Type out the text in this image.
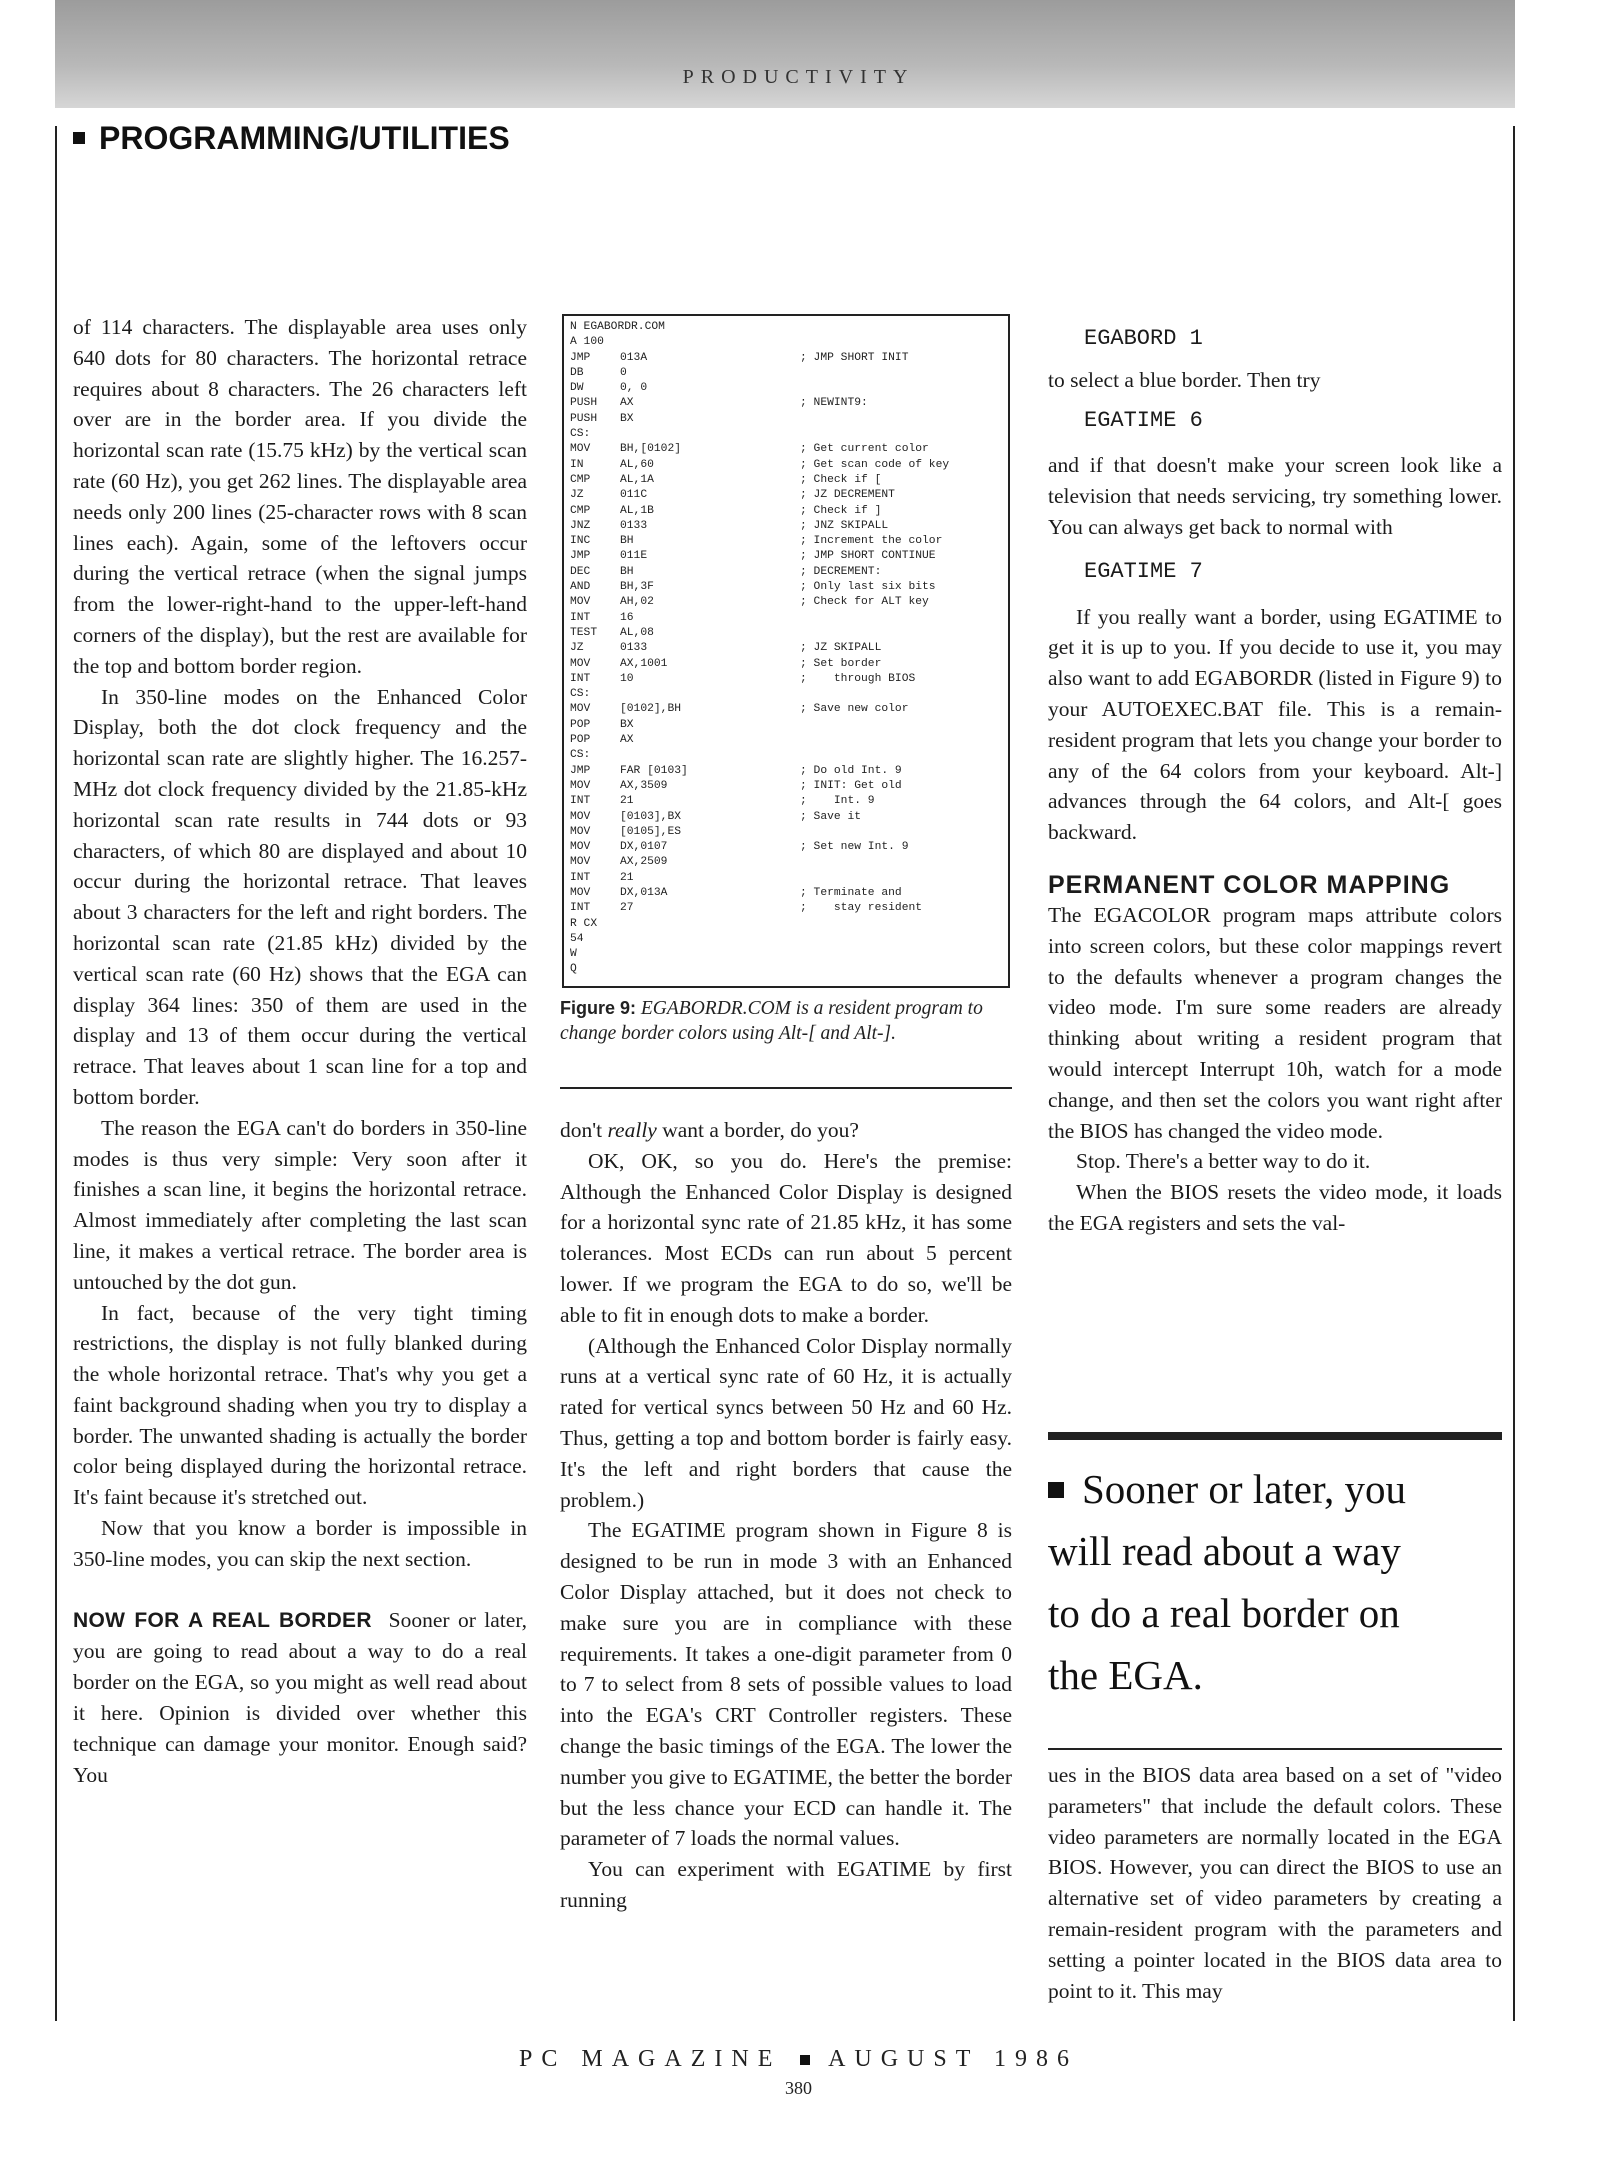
PRODUCTIVITY
PROGRAMMING/UTILITIES

of 114 characters. The displayable area uses only 640 dots for 80 characters. The horizontal retrace requires about 8 characters. The 26 characters left over are in the border area. If you divide the horizontal scan rate (15.75 kHz) by the vertical scan rate (60 Hz), you get 262 lines. The displayable area needs only 200 lines (25-character rows with 8 scan lines each). Again, some of the leftovers occur during the vertical retrace (when the signal jumps from the lower-right-hand to the upper-left-hand corners of the display), but the rest are available for the top and bottom border region.

In 350-line modes on the Enhanced Color Display, both the dot clock frequency and the horizontal scan rate are slightly higher. The 16.257-MHz dot clock frequency divided by the 21.85-kHz horizontal scan rate results in 744 dots or 93 characters, of which 80 are displayed and about 10 occur during the horizontal retrace. That leaves about 3 characters for the left and right borders. The horizontal scan rate (21.85 kHz) divided by the vertical scan rate (60 Hz) shows that the EGA can display 364 lines: 350 of them are used in the display and 13 of them occur during the vertical retrace. That leaves about 1 scan line for a top and bottom border.

The reason the EGA can't do borders in 350-line modes is thus very simple: Very soon after it finishes a scan line, it begins the horizontal retrace. Almost immediately after completing the last scan line, it makes a vertical retrace. The border area is untouched by the dot gun.

In fact, because of the very tight timing restrictions, the display is not fully blanked during the whole horizontal retrace. That's why you get a faint background shading when you try to display a border. The unwanted shading is actually the border color being displayed during the horizontal retrace. It's faint because it's stretched out.

Now that you know a border is impossible in 350-line modes, you can skip the next section.

NOW FOR A REAL BORDER Sooner or later, you are going to read about a way to do a real border on the EGA, so you might as well read about it here. Opinion is divided over whether this technique can damage your monitor. Enough said? You

N EGABORDR.COM
A 100
JMP	013A	; JMP SHORT INIT
DB	0
DW	0, 0
PUSH	AX	; NEWINT9:
PUSH	BX
CS:
MOV	BH,[0102]	; Get current color
IN	AL,60	; Get scan code of key
CMP	AL,1A	; Check if [
JZ	011C	; JZ DECREMENT
CMP	AL,1B	; Check if ]
JNZ	0133	; JNZ SKIPALL
INC	BH	; Increment the color
JMP	011E	; JMP SHORT CONTINUE
DEC	BH	; DECREMENT:
AND	BH,3F	; Only last six bits
MOV	AH,02	; Check for ALT key
INT	16
TEST	AL,08
JZ	0133	; JZ SKIPALL
MOV	AX,1001	; Set border
INT	10	;    through BIOS
CS:
MOV	[0102],BH	; Save new color
POP	BX
POP	AX
CS:
JMP	FAR [0103]	; Do old Int. 9
MOV	AX,3509	; INIT: Get old
INT	21	;    Int. 9
MOV	[0103],BX	; Save it
MOV	[0105],ES
MOV	DX,0107	; Set new Int. 9
MOV	AX,2509
INT	21
MOV	DX,013A	; Terminate and
INT	27	;    stay resident
R CX
54
W
Q
Figure 9: EGABORDR.COM is a resident program to change border colors using Alt-[ and Alt-].

don't really want a border, do you?

OK, OK, so you do. Here's the premise: Although the Enhanced Color Display is designed for a horizontal sync rate of 21.85 kHz, it has some tolerances. Most ECDs can run about 5 percent lower. If we program the EGA to do so, we'll be able to fit in enough dots to make a border.

(Although the Enhanced Color Display normally runs at a vertical sync rate of 60 Hz, it is actually rated for vertical syncs between 50 Hz and 60 Hz. Thus, getting a top and bottom border is fairly easy. It's the left and right borders that cause the problem.)

The EGATIME program shown in Figure 8 is designed to be run in mode 3 with an Enhanced Color Display attached, but it does not check to make sure you are in compliance with these requirements. It takes a one-digit parameter from 0 to 7 to select from 8 sets of possible values to load into the EGA's CRT Controller registers. These change the basic timings of the EGA. The lower the number you give to EGATIME, the better the border but the less chance your ECD can handle it. The parameter of 7 loads the normal values.

You can experiment with EGATIME by first running

EGABORD 1

to select a blue border. Then try

EGATIME 6

and if that doesn't make your screen look like a television that needs servicing, try something lower. You can always get back to normal with

EGATIME 7

If you really want a border, using EGATIME to get it is up to you. If you decide to use it, you may also want to add EGABORDR (listed in Figure 9) to your AUTOEXEC.BAT file. This is a remain-resident program that lets you change your border to any of the 64 colors from your keyboard. Alt-] advances through the 64 colors, and Alt-[ goes backward.

PERMANENT COLOR MAPPING

The EGACOLOR program maps attribute colors into screen colors, but these color mappings revert to the defaults whenever a program changes the video mode. I'm sure some readers are already thinking about writing a resident program that would intercept Interrupt 10h, watch for a mode change, and then set the colors you want right after the BIOS has changed the video mode.

Stop. There's a better way to do it.

When the BIOS resets the video mode, it loads the EGA registers and sets the val-

Sooner or later, you
will read about a way
to do a real border on
the EGA.

ues in the BIOS data area based on a set of "video parameters" that include the default colors. These video parameters are normally located in the EGA BIOS. However, you can direct the BIOS to use an alternative set of video parameters by creating a remain-resident program with the parameters and setting a pointer located in the BIOS data area to point to it. This may

PC MAGAZINE AUGUST 1986
380
